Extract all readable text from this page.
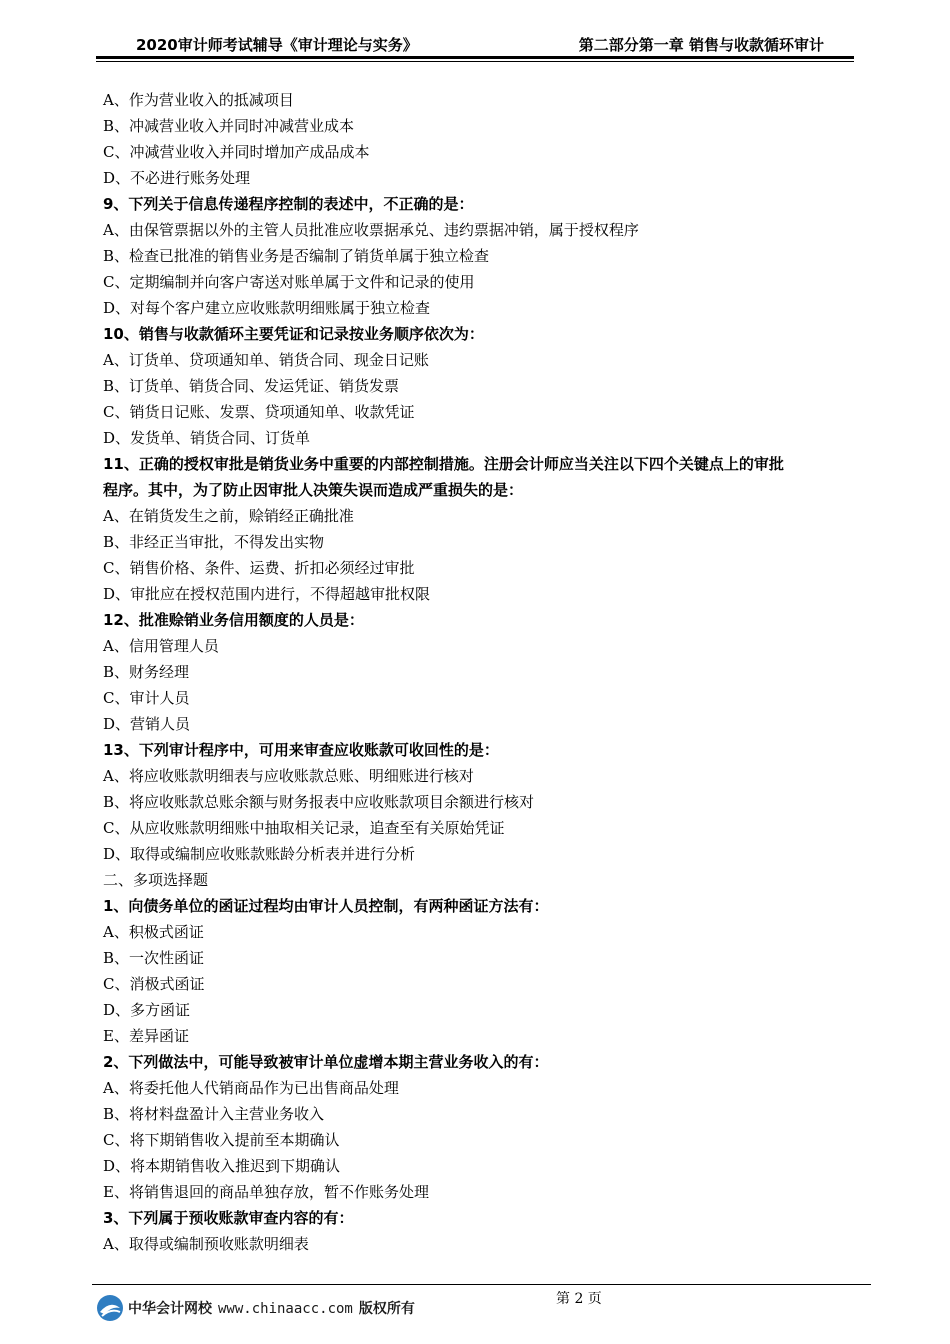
2020审计师考试辅导《审计理论与实务》	第二部分第一章 销售与收款循环审计
A、作为营业收入的抵减项目
B、冲减营业收入并同时冲减营业成本
C、冲减营业收入并同时增加产成品成本
D、不必进行账务处理
9、下列关于信息传递程序控制的表述中，不正确的是：
A、由保管票据以外的主管人员批准应收票据承兑、违约票据冲销，属于授权程序
B、检查已批准的销售业务是否编制了销货单属于独立检查
C、定期编制并向客户寄送对账单属于文件和记录的使用
D、对每个客户建立应收账款明细账属于独立检查
10、销售与收款循环主要凭证和记录按业务顺序依次为：
A、订货单、贷项通知单、销货合同、现金日记账
B、订货单、销货合同、发运凭证、销货发票
C、销货日记账、发票、贷项通知单、收款凭证
D、发货单、销货合同、订货单
11、正确的授权审批是销货业务中重要的内部控制措施。注册会计师应当关注以下四个关键点上的审批
程序。其中，为了防止因审批人决策失误而造成严重损失的是：
A、在销货发生之前，赊销经正确批准
B、非经正当审批，不得发出实物
C、销售价格、条件、运费、折扣必须经过审批
D、审批应在授权范围内进行，不得超越审批权限
12、批准赊销业务信用额度的人员是：
A、信用管理人员
B、财务经理
C、审计人员
D、营销人员
13、下列审计程序中，可用来审查应收账款可收回性的是：
A、将应收账款明细表与应收账款总账、明细账进行核对
B、将应收账款总账余额与财务报表中应收账款项目余额进行核对
C、从应收账款明细账中抽取相关记录，追查至有关原始凭证
D、取得或编制应收账款账龄分析表并进行分析
二、多项选择题
1、向债务单位的函证过程均由审计人员控制，有两种函证方法有：
A、积极式函证
B、一次性函证
C、消极式函证
D、多方函证
E、差异函证
2、下列做法中，可能导致被审计单位虚增本期主营业务收入的有：
A、将委托他人代销商品作为已出售商品处理
B、将材料盘盈计入主营业务收入
C、将下期销售收入提前至本期确认
D、将本期销售收入推迟到下期确认
E、将销售退回的商品单独存放，暂不作账务处理
3、下列属于预收账款审查内容的有：
A、取得或编制预收账款明细表
第 2 页
中华会计网校 www.chinaacc.com 版权所有
